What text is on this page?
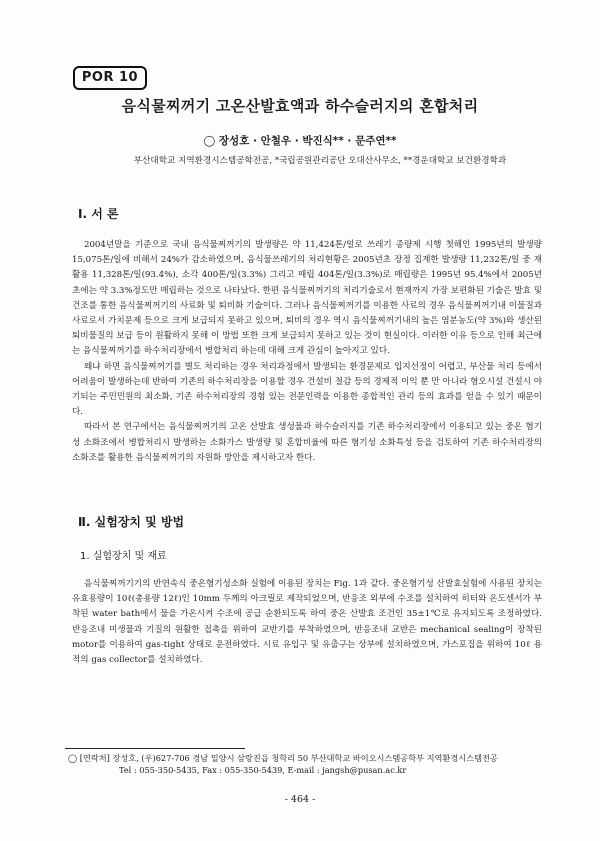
POR 10
음식물찌꺼기 고온산발효액과 하수슬러지의 혼합처리
◯ 장성호 · 안철우 · 박진식** · 문주연**
부산대학교 지역환경시스템공학전공, *국립공원관리공단 오대산사무소, **경운대학교 보건환경학과
Ⅰ. 서 론

2004년말을 기준으로 국내 음식물찌꺼기의 발생량은 약 11,424톤/일로 쓰레기 종량제 시행 첫해인 1995년의 발생량 15,075톤/일에 비해서 24%가 감소하였으며, 음식물쓰레기의 처리현황은 2005년초 장정 집계한 발생량 11,232톤/일 중 재활용 11,328톤/일(93.4%), 소각 400톤/일(3.3%) 그리고 매립 404톤/일(3.3%)로 매립량은 1995년 95.4%에서 2005년 초에는 약 3.3%정도만 매립하는 것으로 나타났다. 한편 음식물찌꺼기의 처리기술로서 현재까지 가장 보편화된 기술은 발효 및 건조를 통한 음식물찌꺼기의 사료화 및 퇴비화 기술이다. 그러나 음식물찌꺼기를 이용한 사료의 경우 음식물찌꺼기내 이물질과 사료로서 가치문제 등으로 크게 보급되지 못하고 있으며, 퇴비의 경우 역시 음식물찌꺼기내의 높은 염분농도(약 3%)와 생산된 퇴비물질의 보급 등이 원활하지 못해 이 방법 또한 크게 보급되지 못하고 있는 것이 현실이다. 이러한 이유 등으로 인해 최근에는 음식물찌꺼기를 하수처리장에서 병합처리 하는데 대해 크게 관심이 높아지고 있다.

왜냐 하면 음식물찌꺼기를 별도 처리하는 경우 처리과정에서 발생되는 환경문제로 입지선정이 어렵고, 부산물 처리 등에서 어려움이 발생하는데 반하여 기존의 하수처리장을 이용할 경우 건설비 절감 등의 경제적 이익 뿐 만 아니라 혐오시설 건설시 야기되는 주민민원의 최소화, 기존 하수처리장의 경험 있는 전문인력을 이용한 종합적인 관리 등의 효과를 얻을 수 있기 때문이다.

따라서 본 연구에서는 음식물찌꺼기의 고온 산발효 생성물과 하수슬러지를 기존 하수처리장에서 이용되고 있는 중온 혐기성 소화조에서 병합처리시 발생하는 소화가스 발생량 및 혼합비율에 따른 혐기성 소화특성 등을 검토하여 기존 하수처리장의 소화조를 활용한 음식물찌꺼기의 자원화 방안을 제시하고자 한다.

Ⅱ. 실험장치 및 방법
1. 실험장치 및 재료

음식물찌꺼기기의 반연속식 중온혐기성소화 실험에 이용된 장치는 Fig. 1과 같다. 중온혐기성 산발효실험에 사용된 장치는 유효용량이 10ℓ(총용량 12ℓ)인 10mm 두께의 아크릴로 제작되었으며, 반응조 외부에 수조를 설치하여 히터와 온도센서가 부착된 water bath에서 물을 가온시켜 수조에 공급 순환되도록 하여 중온 산발효 조건인 35±1℃로 유지되도록 조정하였다. 반응조내 미생물과 기질의 원활한 접촉을 위하여 교반기를 부착하였으며, 반응조내 교반은 mechanical sealing이 장착된 motor를 이용하여 gas-tight 상태로 운전하였다. 시료 유입구 및 유출구는 상부에 설치하였으며, 가스포집을 위하여 10ℓ 용적의 gas collector를 설치하였다.

◯ [연락처] 장성호, (우)627-706 경남 밀양시 삼랑진읍 청학리 50 부산대학교 바이오시스템공학부 지역환경시스템전공
Tel : 055-350-5435, Fax : 055-350-5439, E-mail : jangsh@pusan.ac.kr
- 464 -
